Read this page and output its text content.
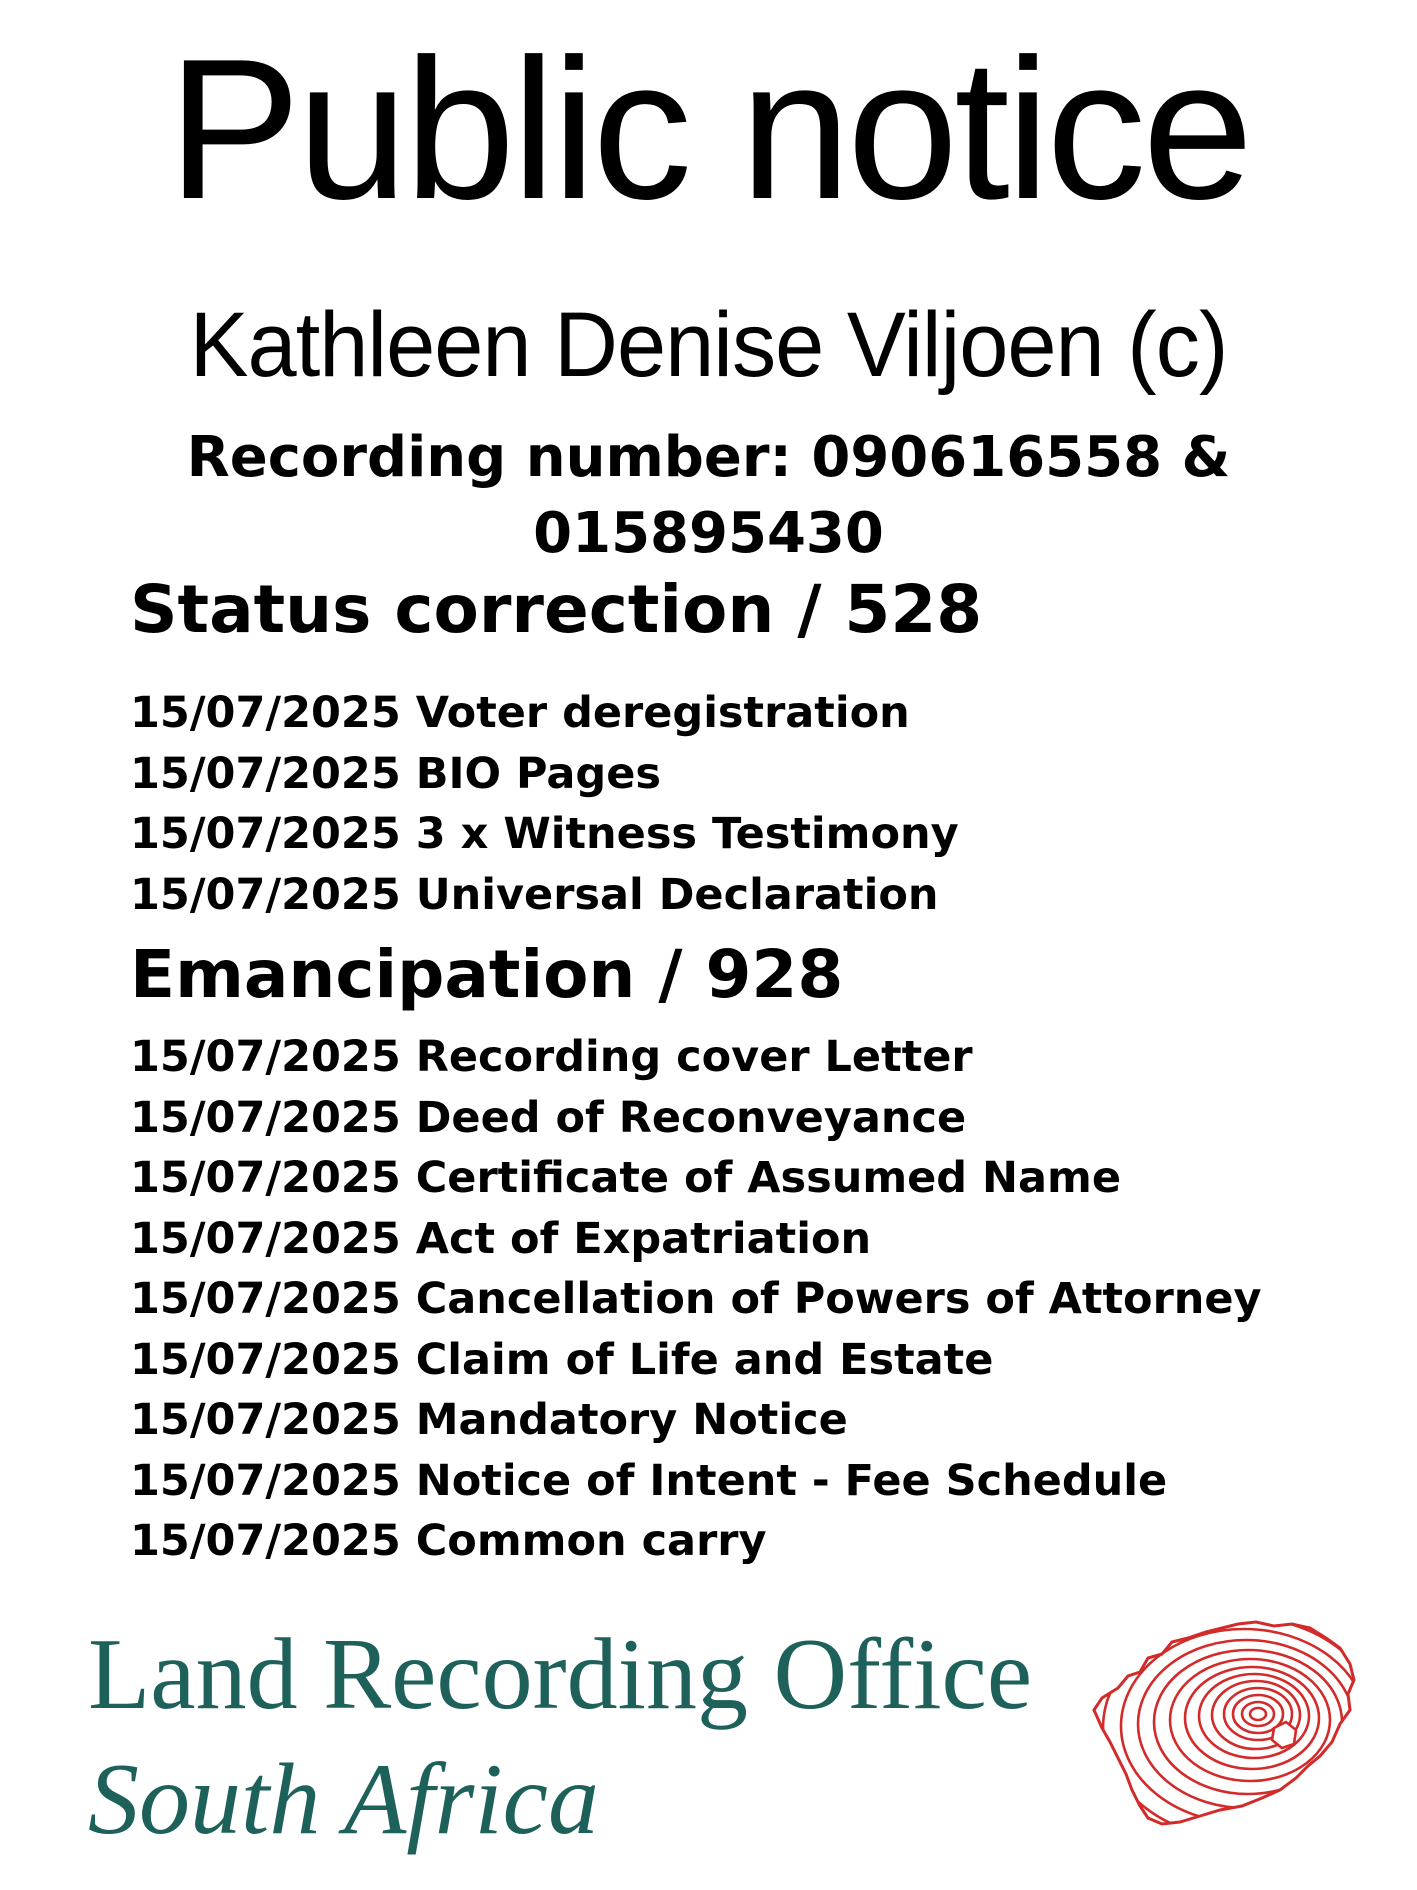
Public notice
Kathleen Denise Viljoen (c)
Recording number: 090616558 &
015895430
Status correction / 528
15/07/2025 Voter deregistration
15/07/2025 BIO Pages
15/07/2025 3 x Witness Testimony
15/07/2025 Universal Declaration
Emancipation / 928
15/07/2025 Recording cover Letter
15/07/2025 Deed of Reconveyance
15/07/2025 Certificate of Assumed Name
15/07/2025 Act of Expatriation
15/07/2025 Cancellation of Powers of Attorney
15/07/2025 Claim of Life and Estate
15/07/2025 Mandatory Notice
15/07/2025 Notice of Intent - Fee Schedule
15/07/2025 Common carry
Land Recording Office
South Africa
